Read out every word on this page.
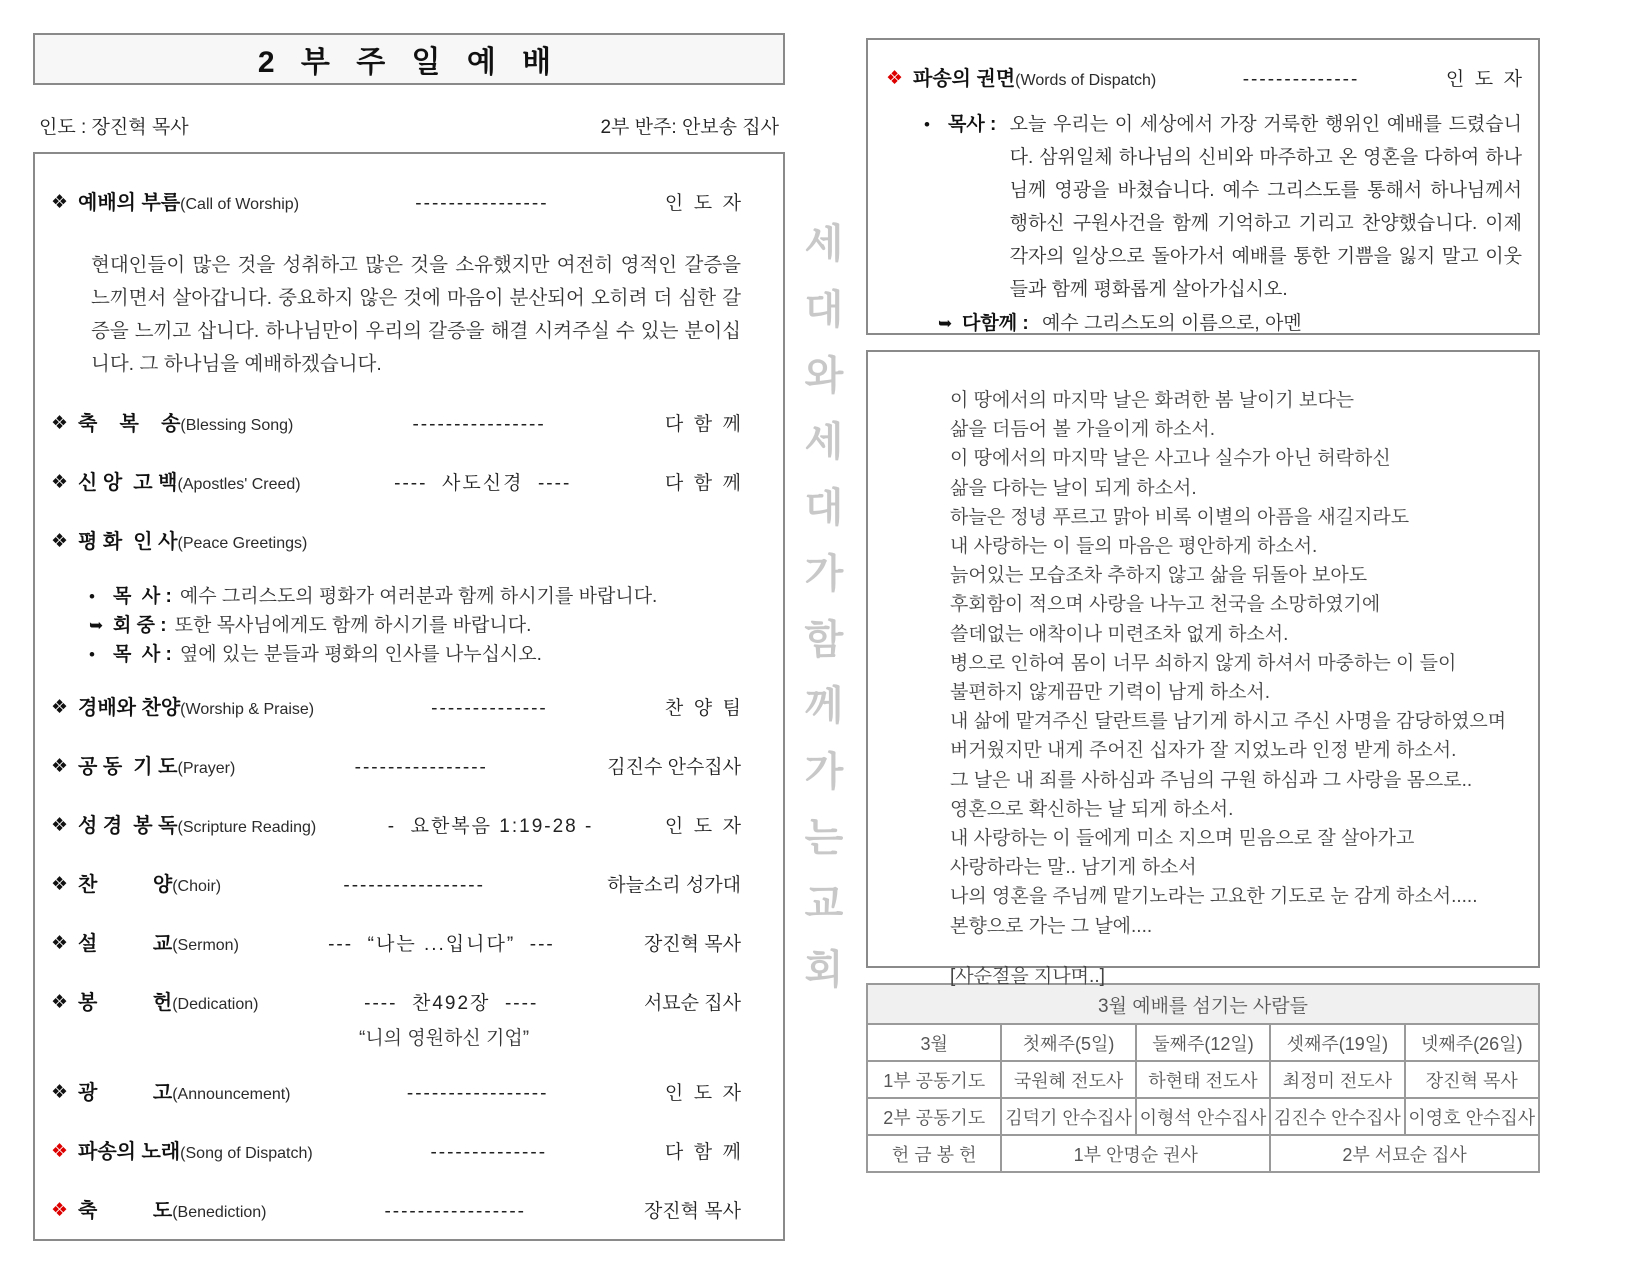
2 부 주 일 예 배
인도 : 장진혁 목사	2부 반주: 안보송 집사
❖ 예배의 부름 (Call of Worship)	----------------	인  도  자
현대인들이 많은 것을 성취하고 많은 것을 소유했지만 여전히 영적인 갈증을 느끼면서 살아갑니다. 중요하지 않은 것에 마음이 분산되어 오히려 더 심한 갈증을 느끼고 삽니다. 하나님만이 우리의 갈증을 해결 시켜주실 수 있는 분이십니다. 그 하나님을 예배하겠습니다.
❖ 축    복    송 (Blessing Song)	----------------	다  함  께
❖ 신 앙  고 백 (Apostles' Creed)	----  사도신경  ----	다  함  께
❖ 평 화  인 사 (Peace Greetings)
• 목  사 : 예수 그리스도의 평화가 여러분과 함께 하시기를 바랍니다.
➥ 회 중 : 또한 목사님에게도 함께 하시기를 바랍니다.
• 목  사 : 옆에 있는 분들과 평화의 인사를 나누십시오.
❖ 경배와 찬양 (Worship & Praise)	--------------	찬  양  팀
❖ 공 동  기 도 (Prayer)	----------------	김진수 안수집사
❖ 성 경  봉 독 (Scripture Reading)	-  요한복음 1:19-28 -	인  도  자
❖ 찬          양 (Choir)	-----------------	하늘소리 성가대
❖ 설          교 (Sermon)	---  “나는 ...입니다”  ---	장진혁 목사
❖ 봉          헌 (Dedication)	----  찬492장  ----	서묘순 집사
“니의 영원하신 기업”
❖ 광          고 (Announcement)	-----------------	인  도  자
❖ 파송의 노래 (Song of Dispatch)	--------------	다  함  께
❖ 축          도 (Benediction)	-----------------	장진혁 목사
세
대
와
세
대
가
함
께
가
는
교
회
❖ 파송의 권면 (Words of Dispatch)	--------------	인  도  자
• 목사 : 오늘 우리는 이 세상에서 가장 거룩한 행위인 예배를 드렸습니다. 삼위일체 하나님의 신비와 마주하고 온 영혼을 다하여 하나님께 영광을 바쳤습니다. 예수 그리스도를 통해서 하나님께서 행하신 구원사건을 함께 기억하고 기리고 찬양했습니다. 이제 각자의 일상으로 돌아가서 예배를 통한 기쁨을 잃지 말고 이웃들과 함께 평화롭게 살아가십시오.
➥ 다함께 : 예수 그리스도의 이름으로, 아멘
이 땅에서의 마지막 날은 화려한 봄 날이기 보다는
삶을 더듬어 볼 가을이게 하소서.
이 땅에서의 마지막 날은 사고나 실수가 아닌 허락하신
삶을 다하는 날이 되게 하소서.
하늘은 정녕 푸르고 맑아 비록 이별의 아픔을 새길지라도
내 사랑하는 이 들의 마음은 평안하게 하소서.
늙어있는 모습조차 추하지 않고 삶을 뒤돌아 보아도
후회함이 적으며 사랑을 나누고 천국을 소망하였기에
쓸데없는 애착이나 미련조차 없게 하소서.
병으로 인하여 몸이 너무 쇠하지 않게 하셔서 마중하는 이 들이
불편하지 않게끔만 기력이 남게 하소서.
내 삶에 맡겨주신 달란트를 남기게 하시고 주신 사명을 감당하였으며
버거웠지만 내게 주어진 십자가 잘 지었노라 인정 받게 하소서.
그 날은 내 죄를 사하심과 주님의 구원 하심과 그 사랑을 몸으로..
영혼으로 확신하는 날 되게 하소서.
내 사랑하는 이 들에게 미소 지으며 믿음으로 잘 살아가고
사랑하라는 말.. 남기게 하소서
나의 영혼을 주님께 맡기노라는 고요한 기도로 눈 감게 하소서.....
본향으로 가는 그 날에....
[사순절을 지나며..]
3월 예배를 섬기는 사람들				
3월	첫째주(5일)	둘째주(12일)	셋째주(19일)	넷째주(26일)
1부 공동기도	국원혜 전도사	하현태 전도사	최정미 전도사	장진혁 목사
2부 공동기도	김덕기 안수집사	이형석 안수집사	김진수 안수집사	이영호 안수집사
헌 금 봉 헌	1부 안명순 권사		2부 서묘순 집사	
